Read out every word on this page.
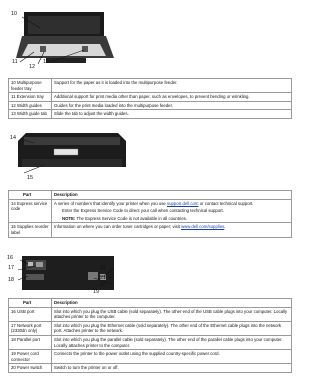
10
11
12
13
10 Multipurpose feeder tray	Support for the paper as it is loaded into the multipurpose feeder.
11 Extension tray	Additional support for print media other than paper, such as envelopes, to prevent bending or wrinkling.
12 Width guides	Guides for the print media loaded into the multipurpose feeder.
13 Width guide tab	Slide the tab to adjust the width guides.
14
15
Part	Description
14 Express service code	A series of numbers that identify your printer when you use support.dell.com or contact technical support.
Enter the Express Service Code to direct your call when contacting technical support.
NOTE: The Express Service Code is not available in all countries.

15 Supplies reorder label	Information on where you can order toner cartridges or paper; visit www.dell.com/supplies.
16
17
18
19
20
21
22
Part	Description
16 USB port	Slot into which you plug the USB cable (sold separately). The other end of the USB cable plugs into your computer. Locally attaches printer to the computer.
17 Network port (2330dn only)	Slot into which you plug the Ethernet cable (sold separately). The other end of the Ethernet cable plugs into the network port. Attaches printer to the network.
18 Parallel port	Slot into which you plug the parallel cable (sold separately). The other end of the parallel cable plugs into your computer. Locally attaches printer to the computer.
19 Power cord connector	Connects the printer to the power outlet using the supplied country-specific power cord.
20 Power switch	Switch to turn the printer on or off.
